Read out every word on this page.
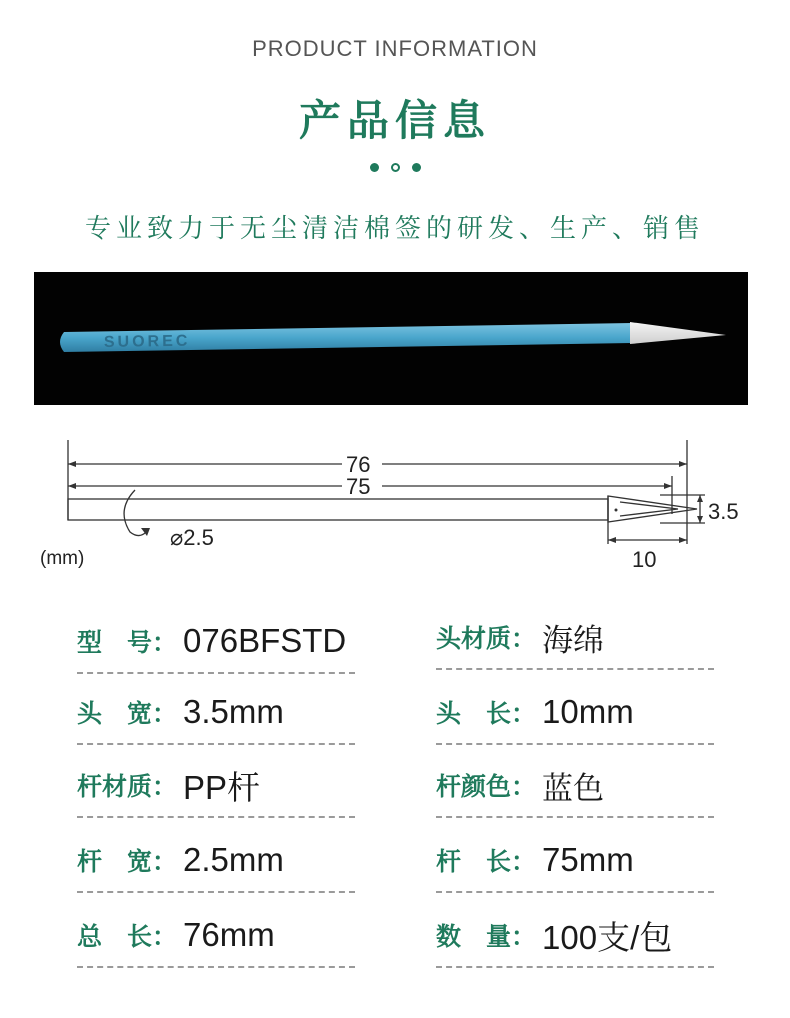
PRODUCT INFORMATION
产品信息
专业致力于无尘清洁棉签的研发、生产、销售
SUOREC
76
75
3.5
⌀2.5
10
(mm)
型　号 ： 076BFSTD
头　宽 ： 3.5mm
杆材质 ： PP杆
杆　宽 ： 2.5mm
总　长 ： 76mm
头材质 ： 海绵
头　长 ： 10mm
杆颜色 ： 蓝色
杆　长 ： 75mm
数　量 ： 100支/包
